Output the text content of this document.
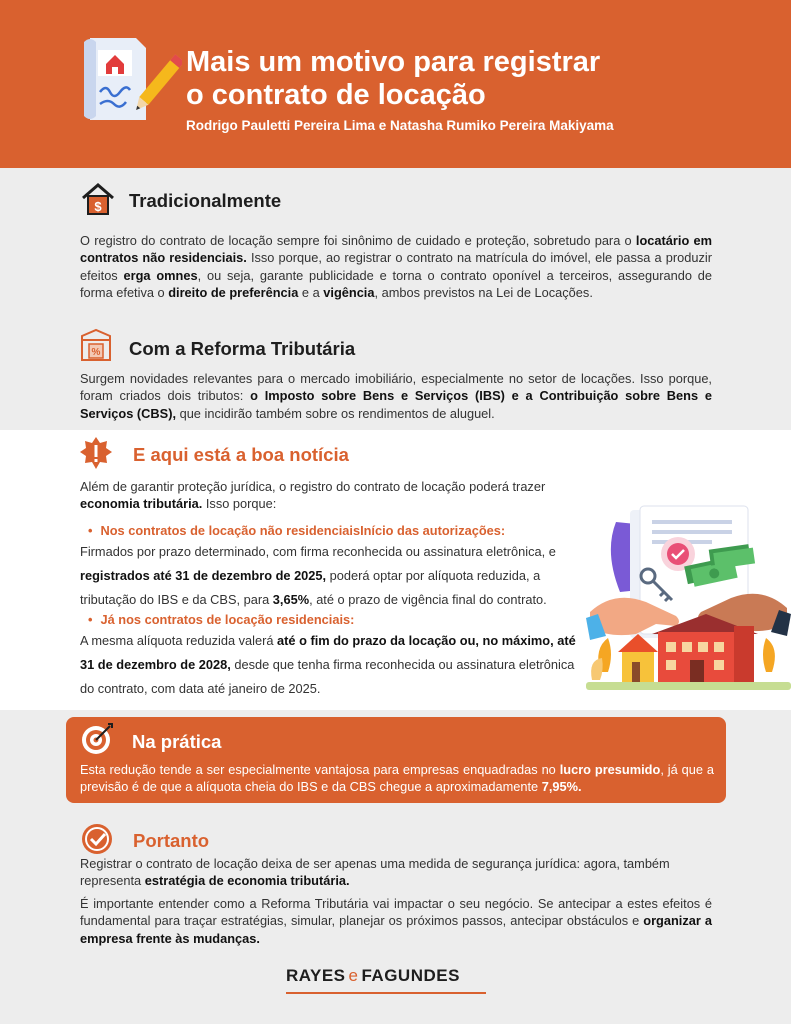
Mais um motivo para registrar
o contrato de locação
Rodrigo Pauletti Pereira Lima e Natasha Rumiko Pereira Makiyama
$ Tradicionalmente
O registro do contrato de locação sempre foi sinônimo de cuidado e proteção, sobretudo para o locatário em contratos não residenciais. Isso porque, ao registrar o contrato na matrícula do imóvel, ele passa a produzir efeitos erga omnes, ou seja, garante publicidade e torna o contrato oponível a terceiros, assegurando de forma efetiva o direito de preferência e a vigência, ambos previstos na Lei de Locações.
% Com a Reforma Tributária
Surgem novidades relevantes para o mercado imobiliário, especialmente no setor de locações. Isso porque, foram criados dois tributos: o Imposto sobre Bens e Serviços (IBS) e a Contribuição sobre Bens e Serviços (CBS), que incidirão também sobre os rendimentos de aluguel.
E aqui está a boa notícia
Além de garantir proteção jurídica, o registro do contrato de locação poderá trazer economia tributária. Isso porque:
• Nos contratos de locação não residenciaisInício das autorizações:
Firmados por prazo determinado, com firma reconhecida ou assinatura eletrônica, e registrados até 31 de dezembro de 2025, poderá optar por alíquota reduzida, a tributação do IBS e da CBS, para 3,65%, até o prazo de vigência final do contrato.
• Já nos contratos de locação residenciais:
A mesma alíquota reduzida valerá até o fim do prazo da locação ou, no máximo, até 31 de dezembro de 2028, desde que tenha firma reconhecida ou assinatura eletrônica do contrato, com data até janeiro de 2025.
Na prática
Esta redução tende a ser especialmente vantajosa para empresas enquadradas no lucro presumido, já que a previsão é de que a alíquota cheia do IBS e da CBS chegue a aproximadamente 7,95%.
Portanto
Registrar o contrato de locação deixa de ser apenas uma medida de segurança jurídica: agora, também representa estratégia de economia tributária.
É importante entender como a Reforma Tributária vai impactar o seu negócio. Se antecipar a estes efeitos é fundamental para traçar estratégias, simular, planejar os próximos passos, antecipar obstáculos e organizar a empresa frente às mudanças.
RAYES e FAGUNDES
